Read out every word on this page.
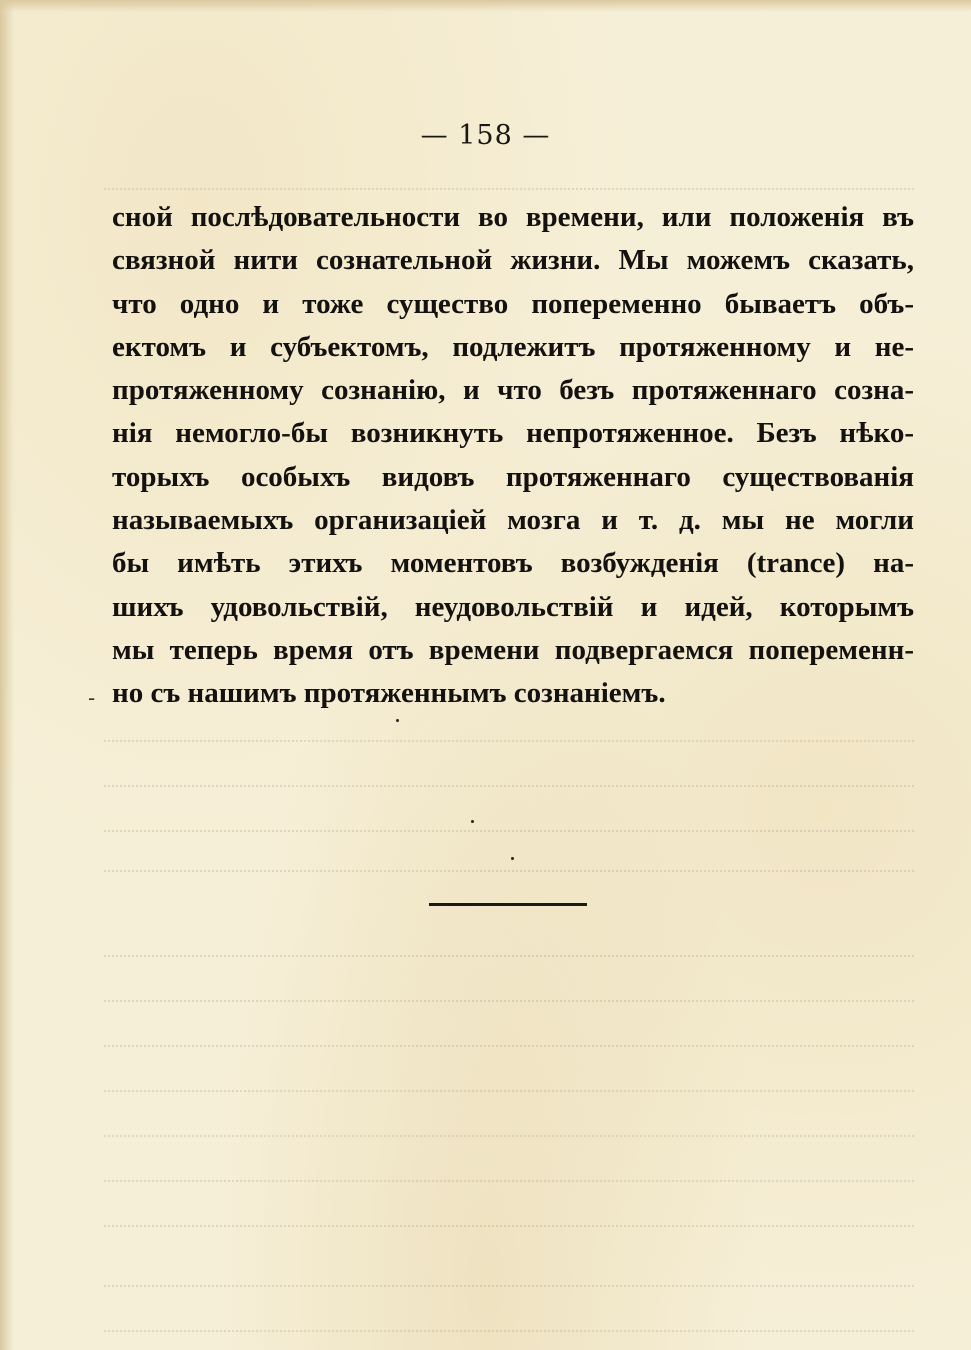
— 158 —
сной послѣдовательности во времени, или положенія въ
связной нити сознательной жизни. Мы можемъ сказать,
что одно и тоже существо попеременно бываетъ объ-
ектомъ и субъектомъ, подлежитъ протяженному и не-
протяженному сознанію, и что безъ протяженнаго созна-
нія немогло-бы возникнуть непротяженное. Безъ нѣко-
торыхъ особыхъ видовъ протяженнаго существованія
называемыхъ организаціей мозга и т. д. мы не могли
бы имѣть этихъ моментовъ возбужденія (trance) на-
шихъ удовольствій, неудовольствій и идей, которымъ
мы теперь время отъ времени подвергаемся попеременн-
но съ нашимъ протяженнымъ сознаніемъ.
-
